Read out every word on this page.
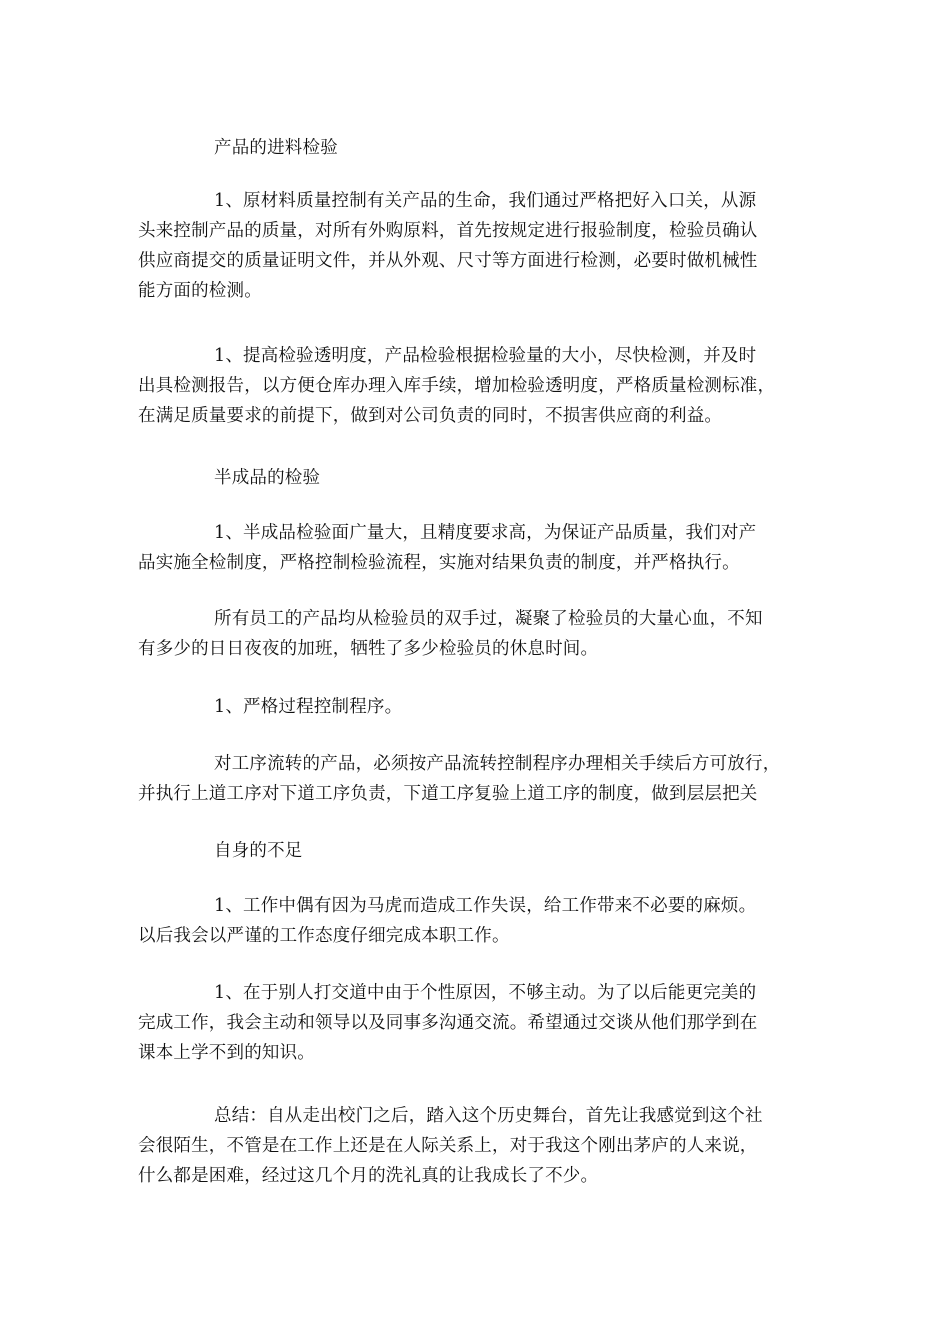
产品的进料检验
1、原材料质量控制有关产品的生命，我们通过严格把好入口关，从源
头来控制产品的质量，对所有外购原料，首先按规定进行报验制度，检验员确认
供应商提交的质量证明文件，并从外观、尺寸等方面进行检测，必要时做机械性
能方面的检测。
1、提高检验透明度，产品检验根据检验量的大小，尽快检测，并及时
出具检测报告，以方便仓库办理入库手续，增加检验透明度，严格质量检测标准，
在满足质量要求的前提下，做到对公司负责的同时，不损害供应商的利益。
半成品的检验
1、半成品检验面广量大，且精度要求高，为保证产品质量，我们对产
品实施全检制度，严格控制检验流程，实施对结果负责的制度，并严格执行。
所有员工的产品均从检验员的双手过，凝聚了检验员的大量心血，不知
有多少的日日夜夜的加班，牺牲了多少检验员的休息时间。
1、严格过程控制程序。
对工序流转的产品，必须按产品流转控制程序办理相关手续后方可放行，
并执行上道工序对下道工序负责，下道工序复验上道工序的制度，做到层层把关
自身的不足
1、工作中偶有因为马虎而造成工作失误，给工作带来不必要的麻烦。
以后我会以严谨的工作态度仔细完成本职工作。
1、在于别人打交道中由于个性原因，不够主动。为了以后能更完美的
完成工作，我会主动和领导以及同事多沟通交流。希望通过交谈从他们那学到在
课本上学不到的知识。
总结：自从走出校门之后，踏入这个历史舞台，首先让我感觉到这个社
会很陌生，不管是在工作上还是在人际关系上，对于我这个刚出茅庐的人来说，
什么都是困难，经过这几个月的洗礼真的让我成长了不少。
